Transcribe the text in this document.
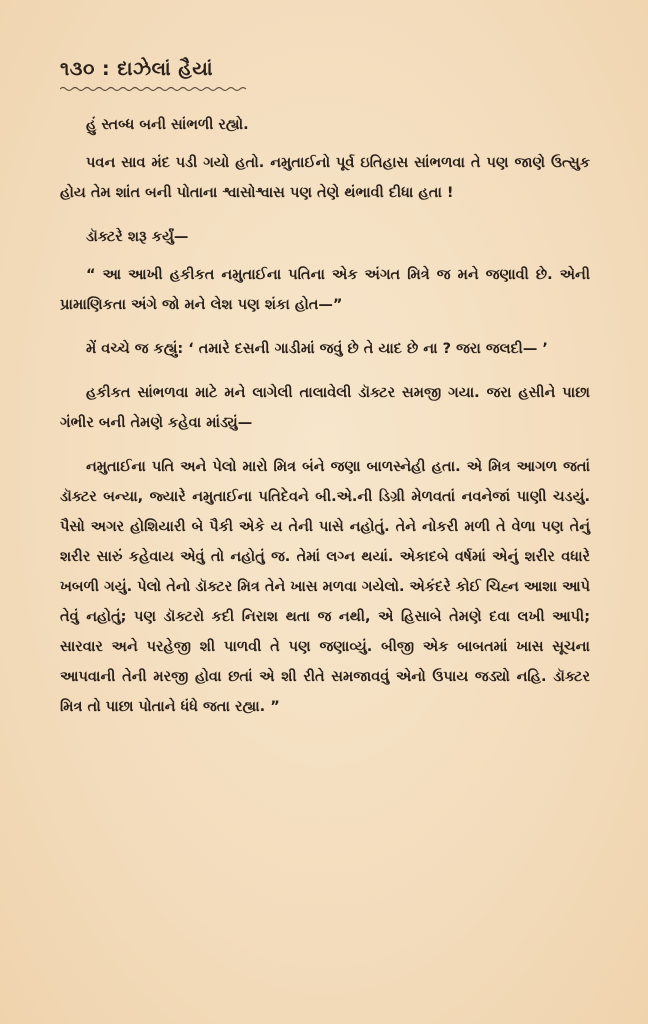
૧૩૦ : દાઝેલાં હૈયાં

હું સ્તબ્ધ બની સાંભળી રહ્યો.

પવન સાવ મંદ પડી ગયો હતો. નમુતાઈનો પૂર્વ ઇતિહાસ સાંભળવા તે પણ જાણે ઉત્સુક હોય તેમ શાંત બની પોતાના શ્વાસોશ્વાસ પણ તેણે થંભાવી દીધા હતા !

ડૉક્ટરે શરૂ કર્યું—

“ આ આખી હકીકત નમુતાઈના પતિના એક અંગત મિત્રે જ મને જણાવી છે. એની પ્રામાણિકતા અંગે જો મને લેશ પણ શંકા હોત—”

મેં વચ્ચે જ કહ્યું: ‘ તમારે દસની ગાડીમાં જવું છે તે યાદ છે ના ? જરા જલદી— ’

હકીકત સાંભળવા માટે મને લાગેલી તાલાવેલી ડૉક્ટર સમજી ગયા. જરા હસીને પાછા ગંભીર બની તેમણે કહેવા માંડ્યું—

નમુતાઈના પતિ અને પેલો મારો મિત્ર બંને જણા બાળસ્નેહી હતા. એ મિત્ર આગળ જતાં ડૉક્ટર બન્યા, જ્યારે નમુતાઈના પતિદેવને બી.એ.ની ડિગ્રી મેળવતાં નવનેજાં પાણી ચડયું. પૈસો અગર હોશિયારી બે પૈકી એકે ય તેની પાસે નહોતું. તેને નોકરી મળી તે વેળા પણ તેનું શરીર સારું કહેવાય એવું તો નહોતું જ. તેમાં લગ્ન થયાં. એકાદબે વર્ષમાં એનું શરીર વધારે ખબળી ગયું. પેલો તેનો ડૉક્ટર મિત્ર તેને ખાસ મળવા ગયેલો. એકંદરે કોઈ ચિહ્ન આશા આપે તેવું નહોતું; પણ ડૉક્ટરો કદી નિરાશ થતા જ નથી, એ હિસાબે તેમણે દવા લખી આપી; સારવાર અને પરહેજી શી પાળવી તે પણ જણાવ્યું. બીજી એક બાબતમાં ખાસ સૂચના આપવાની તેની મરજી હોવા છતાં એ શી રીતે સમજાવવું એનો ઉપાય જડ્યો નહિ. ડૉક્ટર મિત્ર તો પાછા પોતાને ધંધે જતા રહ્યા. ”
